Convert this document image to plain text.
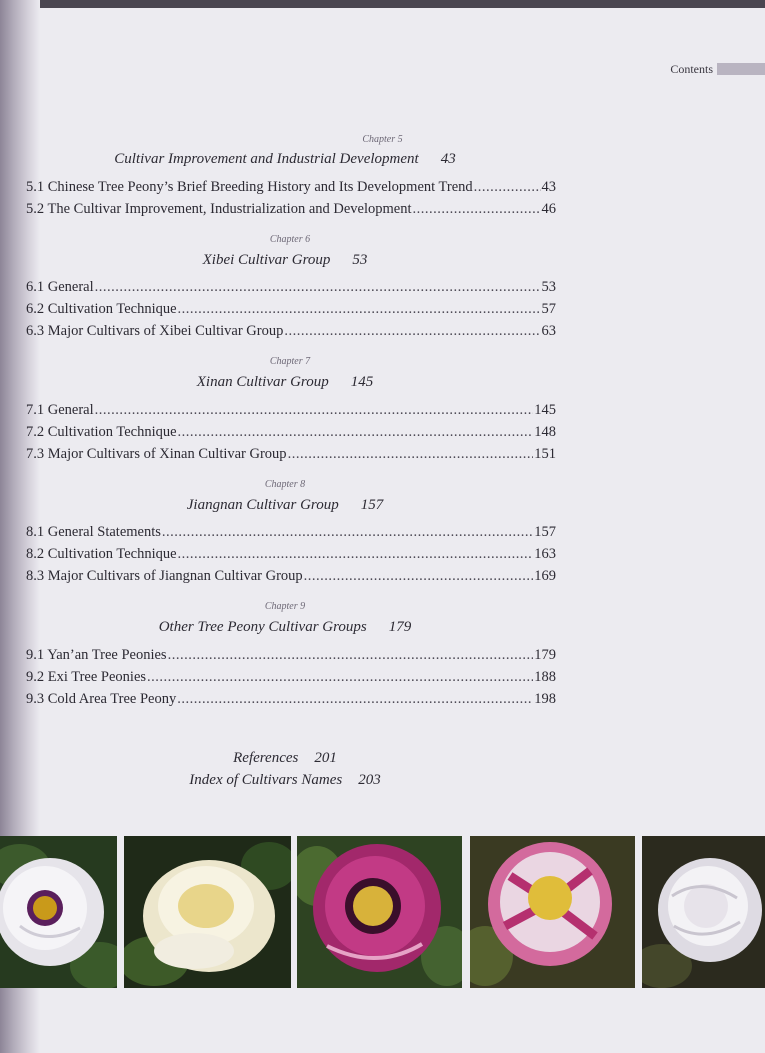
Contents
Chapter 5
Cultivar Improvement and Industrial Development 43
5.1 Chinese Tree Peony’s Brief Breeding History and Its Development Trend .....	43
5.2 The Cultivar Improvement, Industrialization and Development .....	46
Chapter 6
Xibei Cultivar Group 53
6.1 General .....	53
6.2 Cultivation Technique .....	57
6.3 Major Cultivars of Xibei Cultivar Group .....	63
Chapter 7
Xinan Cultivar Group 145
7.1 General .....	145
7.2 Cultivation Technique .....	148
7.3 Major Cultivars of Xinan Cultivar Group .....	151
Chapter 8
Jiangnan Cultivar Group 157
8.1 General Statements .....	157
8.2 Cultivation Technique .....	163
8.3 Major Cultivars of Jiangnan Cultivar Group .....	169
Chapter 9
Other Tree Peony Cultivar Groups 179
9.1 Yan’an Tree Peonies .....	179
9.2 Exi Tree Peonies .....	188
9.3 Cold Area Tree Peony .....	198
References 201
Index of Cultivars Names 203
